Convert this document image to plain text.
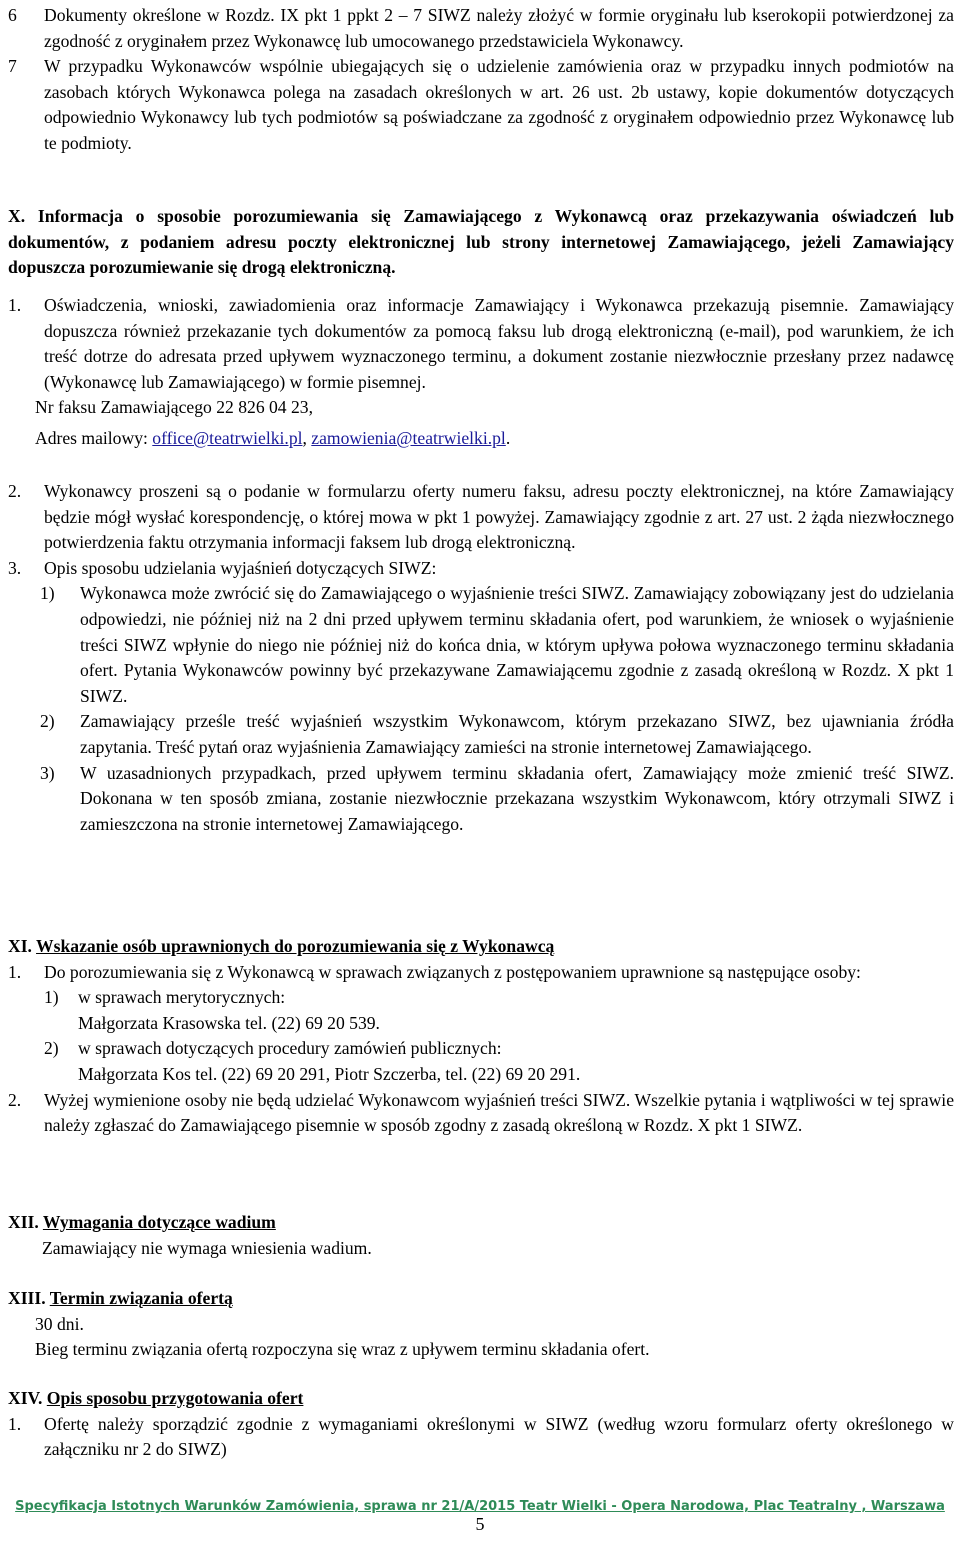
6 Dokumenty określone w Rozdz. IX pkt 1 ppkt 2 – 7 SIWZ należy złożyć w formie oryginału lub kserokopii potwierdzonej za zgodność z oryginałem przez Wykonawcę lub umocowanego przedstawiciela Wykonawcy.
7 W przypadku Wykonawców wspólnie ubiegających się o udzielenie zamówienia oraz w przypadku innych podmiotów na zasobach których Wykonawca polega na zasadach określonych w art. 26 ust. 2b ustawy, kopie dokumentów dotyczących odpowiednio Wykonawcy lub tych podmiotów są poświadczane za zgodność z oryginałem odpowiednio przez Wykonawcę lub te podmioty.
X. Informacja o sposobie porozumiewania się Zamawiającego z Wykonawcą oraz przekazywania oświadczeń lub dokumentów, z podaniem adresu poczty elektronicznej lub strony internetowej Zamawiającego, jeżeli Zamawiający dopuszcza porozumiewanie się drogą elektroniczną.
1. Oświadczenia, wnioski, zawiadomienia oraz informacje Zamawiający i Wykonawca przekazują pisemnie. Zamawiający dopuszcza również przekazanie tych dokumentów za pomocą faksu lub drogą elektroniczną (e-mail), pod warunkiem, że ich treść dotrze do adresata przed upływem wyznaczonego terminu, a dokument zostanie niezwłocznie przesłany przez nadawcę (Wykonawcę lub Zamawiającego) w formie pisemnej.
Nr faksu Zamawiającego 22 826 04 23,
Adres mailowy: office@teatrwielki.pl, zamowienia@teatrwielki.pl.
2. Wykonawcy proszeni są o podanie w formularzu oferty numeru faksu, adresu poczty elektronicznej, na które Zamawiający będzie mógł wysłać korespondencję, o której mowa w pkt 1 powyżej. Zamawiający zgodnie z art. 27 ust. 2 żąda niezwłocznego potwierdzenia faktu otrzymania informacji faksem lub drogą elektroniczną.
3. Opis sposobu udzielania wyjaśnień dotyczących SIWZ:
1) Wykonawca może zwrócić się do Zamawiającego o wyjaśnienie treści SIWZ. Zamawiający zobowiązany jest do udzielania odpowiedzi, nie później niż na 2 dni przed upływem terminu składania ofert, pod warunkiem, że wniosek o wyjaśnienie treści SIWZ wpłynie do niego nie później niż do końca dnia, w którym upływa połowa wyznaczonego terminu składania ofert. Pytania Wykonawców powinny być przekazywane Zamawiającemu zgodnie z zasadą określoną w Rozdz. X pkt 1 SIWZ.
2) Zamawiający prześle treść wyjaśnień wszystkim Wykonawcom, którym przekazano SIWZ, bez ujawniania źródła zapytania. Treść pytań oraz wyjaśnienia Zamawiający zamieści na stronie internetowej Zamawiającego.
3) W uzasadnionych przypadkach, przed upływem terminu składania ofert, Zamawiający może zmienić treść SIWZ. Dokonana w ten sposób zmiana, zostanie niezwłocznie przekazana wszystkim Wykonawcom, który otrzymali SIWZ i zamieszczona na stronie internetowej Zamawiającego.
XI. Wskazanie osób uprawnionych do porozumiewania się z Wykonawcą
1. Do porozumiewania się z Wykonawcą w sprawach związanych z postępowaniem uprawnione są następujące osoby:
1) w sprawach merytorycznych:
Małgorzata Krasowska tel. (22) 69 20 539.
2) w sprawach dotyczących procedury zamówień publicznych:
Małgorzata Kos tel. (22) 69 20 291, Piotr Szczerba, tel. (22) 69 20 291.
2. Wyżej wymienione osoby nie będą udzielać Wykonawcom wyjaśnień treści SIWZ. Wszelkie pytania i wątpliwości w tej sprawie należy zgłaszać do Zamawiającego pisemnie w sposób zgodny z zasadą określoną w Rozdz. X pkt 1 SIWZ.
XII. Wymagania dotyczące wadium
Zamawiający nie wymaga wniesienia wadium.
XIII. Termin związania ofertą
30 dni.
Bieg terminu związania ofertą rozpoczyna się wraz z upływem terminu składania ofert.
XIV. Opis sposobu przygotowania ofert
1. Ofertę należy sporządzić zgodnie z wymaganiami określonymi w SIWZ (według wzoru formularz oferty określonego w załączniku nr 2 do SIWZ)
Specyfikacja Istotnych Warunków Zamówienia, sprawa nr 21/A/2015 Teatr Wielki - Opera Narodowa, Plac Teatralny , Warszawa
5
